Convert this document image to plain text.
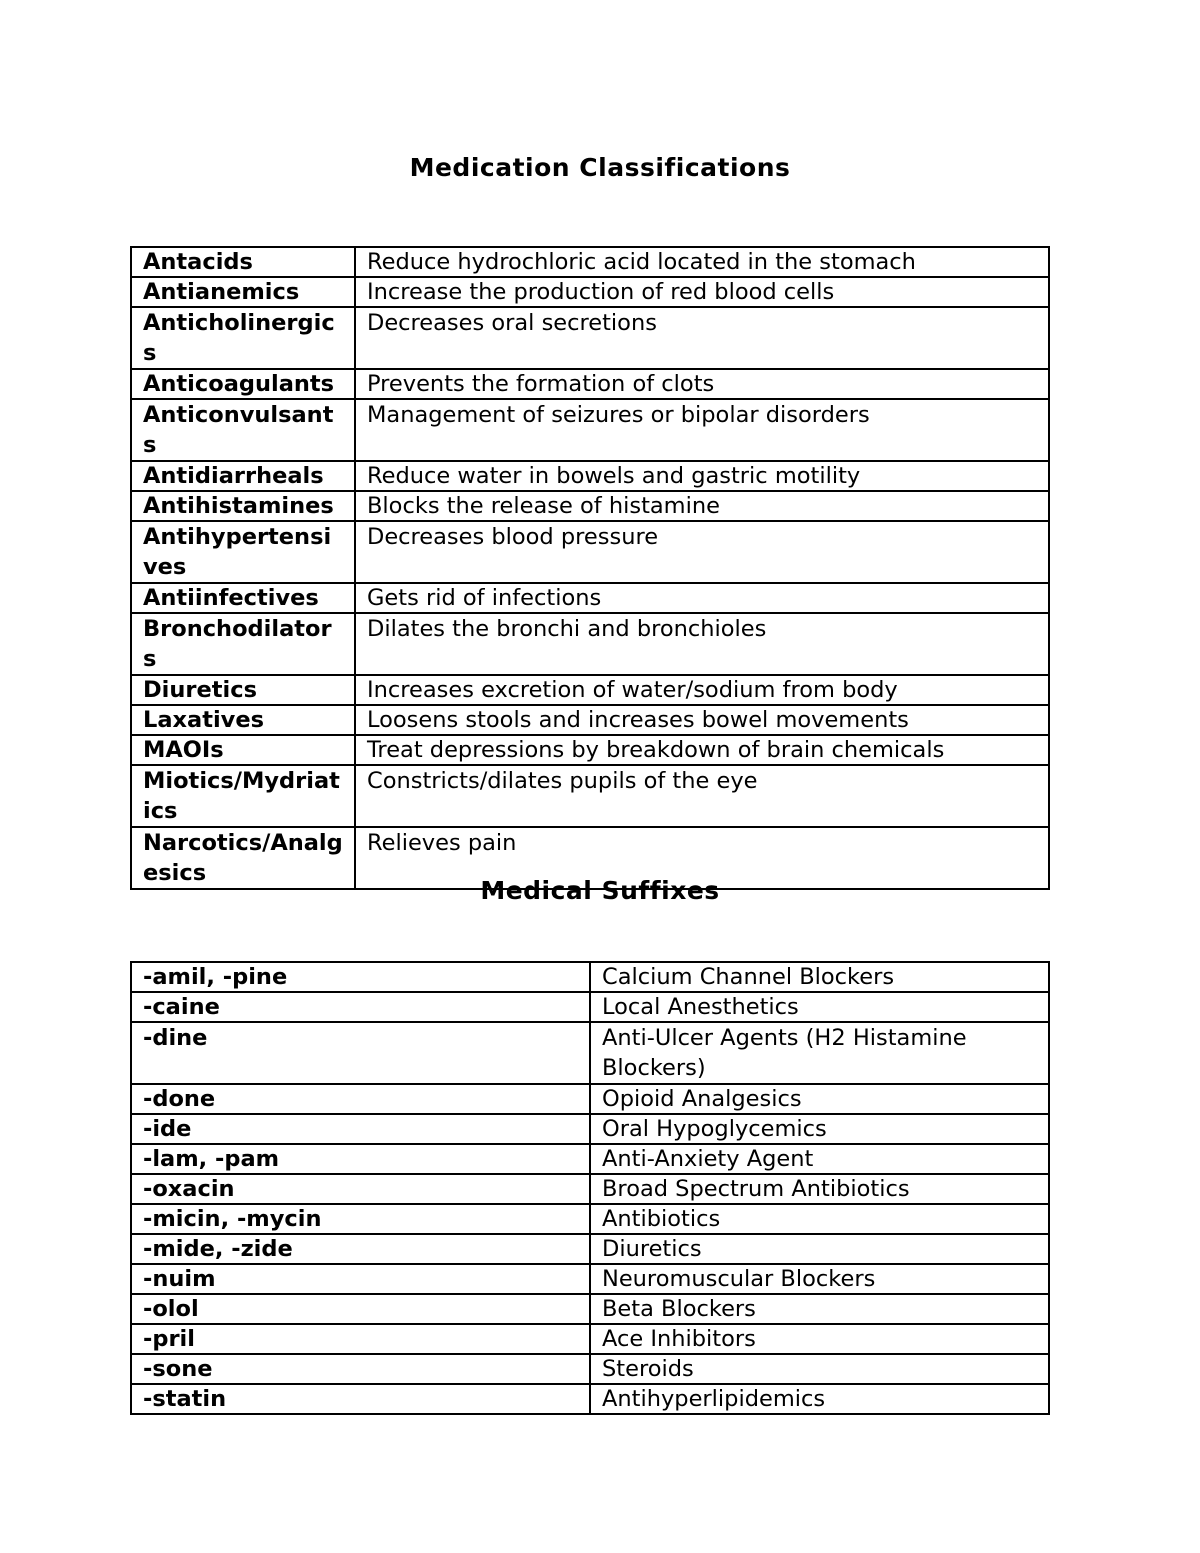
Medication Classifications
Antacids	Reduce hydrochloric acid located in the stomach
Antianemics	Increase the production of red blood cells
Anticholinergics	Decreases oral secretions
Anticoagulants	Prevents the formation of clots
Anticonvulsants	Management of seizures or bipolar disorders
Antidiarrheals	Reduce water in bowels and gastric motility
Antihistamines	Blocks the release of histamine
Antihypertensives	Decreases blood pressure
Antiinfectives	Gets rid of infections
Bronchodilators	Dilates the bronchi and bronchioles
Diuretics	Increases excretion of water/sodium from body
Laxatives	Loosens stools and increases bowel movements
MAOIs	Treat depressions by breakdown of brain chemicals
Miotics/Mydriatics	Constricts/dilates pupils of the eye
Narcotics/Analgesics	Relieves pain
Medical Suffixes
-amil, -pine	Calcium Channel Blockers
-caine	Local Anesthetics
-dine	Anti-Ulcer Agents (H2 Histamine Blockers)
-done	Opioid Analgesics
-ide	Oral Hypoglycemics
-lam, -pam	Anti-Anxiety Agent
-oxacin	Broad Spectrum Antibiotics
-micin, -mycin	Antibiotics
-mide, -zide	Diuretics
-nuim	Neuromuscular Blockers
-olol	Beta Blockers
-pril	Ace Inhibitors
-sone	Steroids
-statin	Antihyperlipidemics
